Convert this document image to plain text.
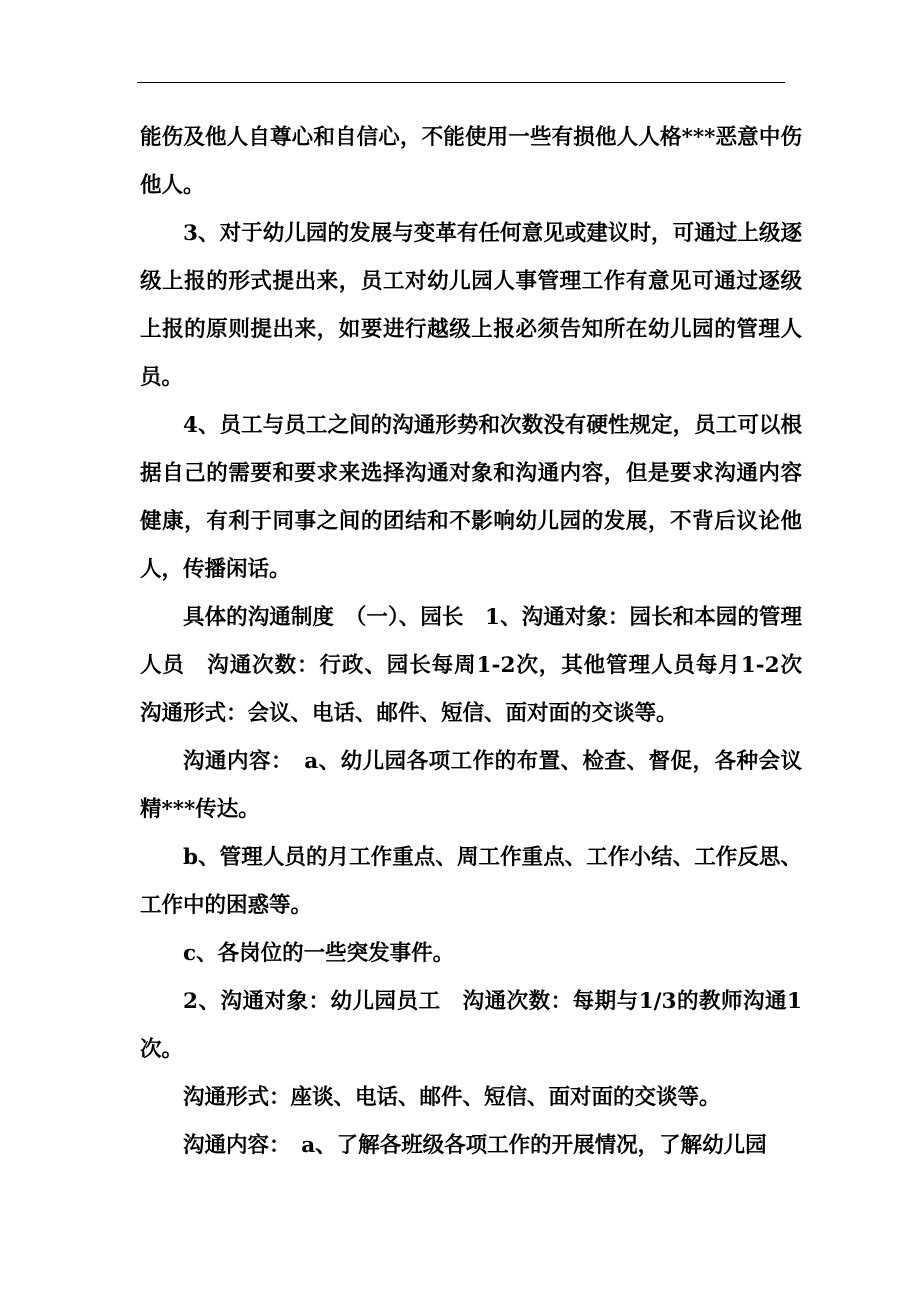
能伤及他人自尊心和自信心，不能使用一些有损他人人格***恶意中伤他人。

3、对于幼儿园的发展与变革有任何意见或建议时，可通过上级逐级上报的形式提出来，员工对幼儿园人事管理工作有意见可通过逐级上报的原则提出来，如要进行越级上报必须告知所在幼儿园的管理人员。

4、员工与员工之间的沟通形势和次数没有硬性规定，员工可以根据自己的需要和要求来选择沟通对象和沟通内容，但是要求沟通内容健康，有利于同事之间的团结和不影响幼儿园的发展，不背后议论他人，传播闲话。

具体的沟通制度　（一）、园长　1、沟通对象：园长和本园的管理人员　沟通次数：行政、园长每周1-2次，其他管理人员每月1-2次　沟通形式：会议、电话、邮件、短信、面对面的交谈等。

沟通内容：　a、幼儿园各项工作的布置、检查、督促，各种会议精***传达。

b、管理人员的月工作重点、周工作重点、工作小结、工作反思、工作中的困惑等。

c、各岗位的一些突发事件。

2、沟通对象：幼儿园员工　沟通次数：每期与1/3的教师沟通1次。

沟通形式：座谈、电话、邮件、短信、面对面的交谈等。

沟通内容：　a、了解各班级各项工作的开展情况，了解幼儿园
